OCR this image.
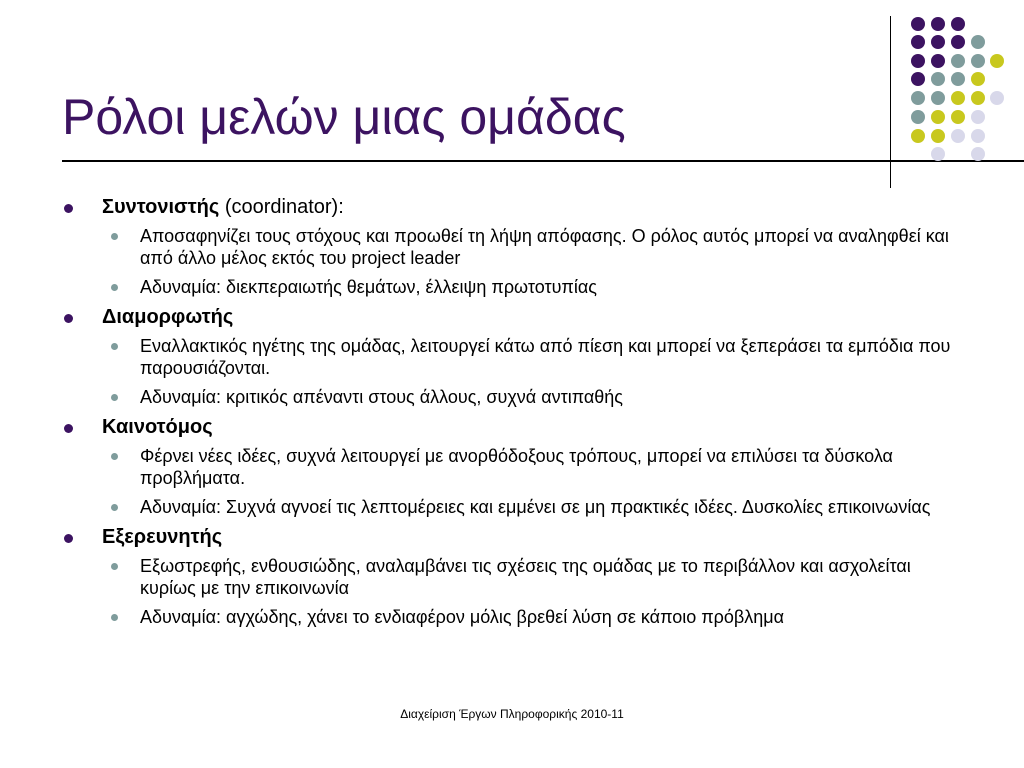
Ρόλοι μελών μιας ομάδας
Συντονιστής (coordinator):
Αποσαφηνίζει τους στόχους και προωθεί τη λήψη απόφασης. Ο ρόλος αυτός μπορεί να αναληφθεί και από άλλο μέλος εκτός του project leader
Αδυναμία: διεκπεραιωτής θεμάτων, έλλειψη πρωτοτυπίας
Διαμορφωτής
Εναλλακτικός ηγέτης της ομάδας, λειτουργεί κάτω από πίεση και μπορεί να ξεπεράσει τα εμπόδια που παρουσιάζονται.
Αδυναμία: κριτικός απέναντι στους άλλους, συχνά αντιπαθής
Καινοτόμος
Φέρνει νέες ιδέες, συχνά λειτουργεί με ανορθόδοξους τρόπους, μπορεί να επιλύσει τα δύσκολα προβλήματα.
Αδυναμία: Συχνά αγνοεί τις λεπτομέρειες και εμμένει σε μη πρακτικές ιδέες. Δυσκολίες επικοινωνίας
Εξερευνητής
Εξωστρεφής, ενθουσιώδης, αναλαμβάνει τις σχέσεις της ομάδας με το περιβάλλον και ασχολείται κυρίως με την επικοινωνία
Αδυναμία: αγχώδης, χάνει το ενδιαφέρον μόλις βρεθεί λύση σε κάποιο πρόβλημα
Διαχείριση Έργων Πληροφορικής 2010-11
